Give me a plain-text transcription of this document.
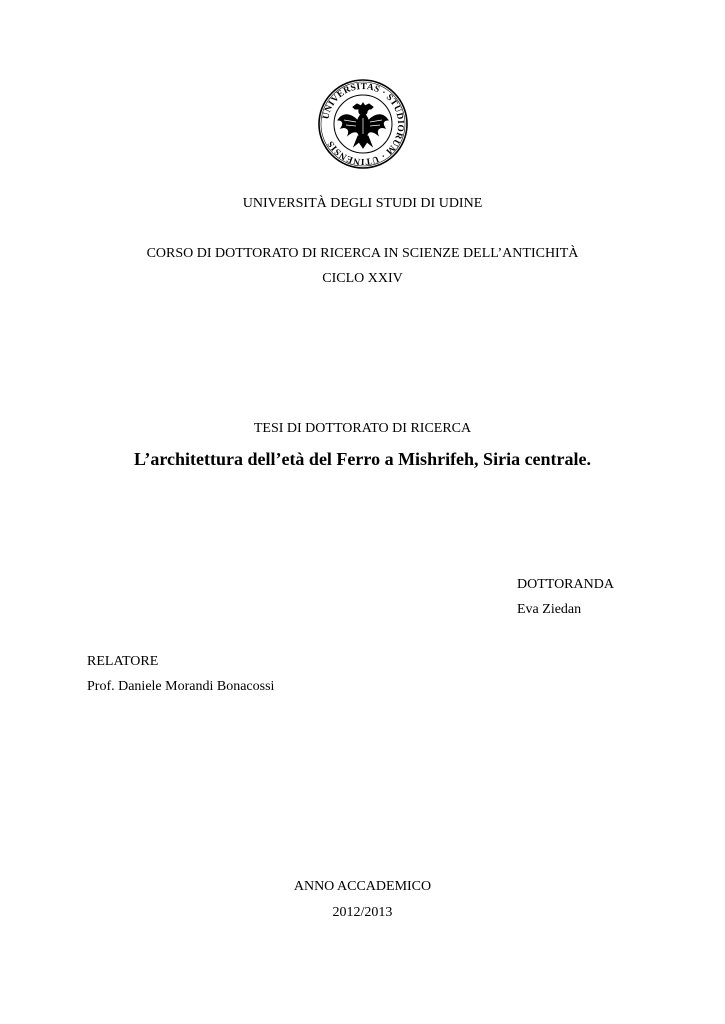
UNIVERSITAS · STUDIORUM · UTINENSIS
UNIVERSITÀ DEGLI STUDI DI UDINE
CORSO DI DOTTORATO DI RICERCA IN SCIENZE DELL’ANTICHITÀ
CICLO XXIV
TESI DI DOTTORATO DI RICERCA
L’architettura dell’età del Ferro a Mishrifeh, Siria centrale.
DOTTORANDA
Eva Ziedan
RELATORE
Prof. Daniele Morandi Bonacossi
ANNO ACCADEMICO
2012/2013
